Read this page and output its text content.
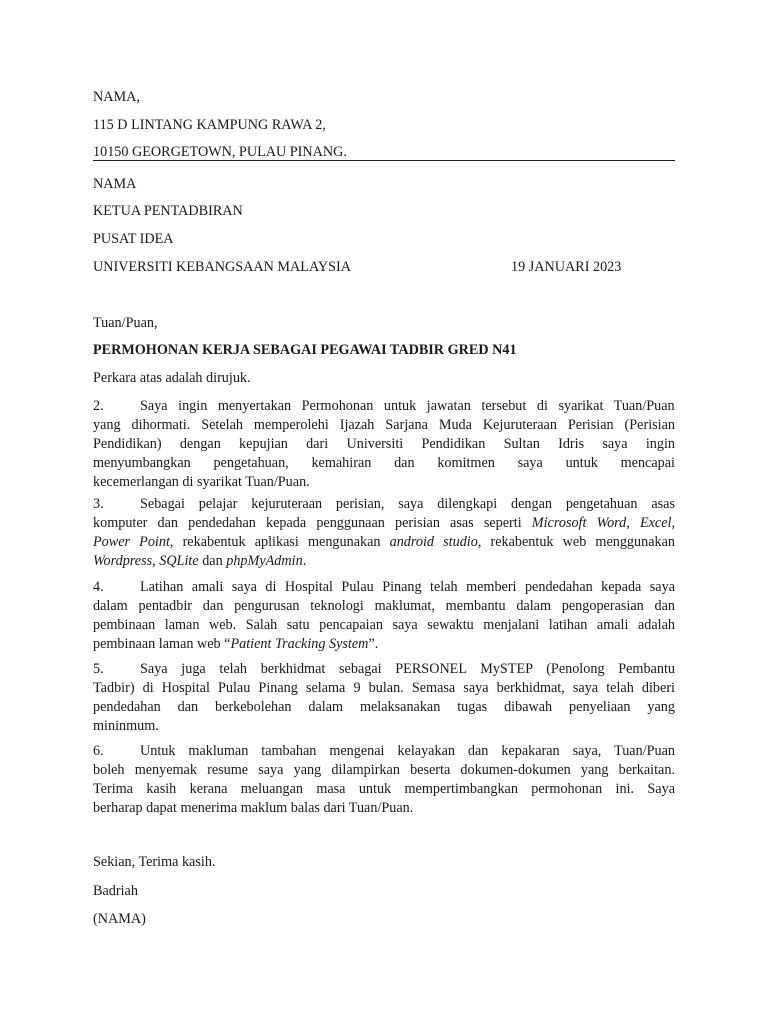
NAMA,
115 D LINTANG KAMPUNG RAWA 2,
10150 GEORGETOWN, PULAU PINANG.
NAMA
KETUA PENTADBIRAN
PUSAT IDEA
UNIVERSITI KEBANGSAAN MALAYSIA	19 JANUARI 2023
Tuan/Puan,
PERMOHONAN KERJA SEBAGAI PEGAWAI TADBIR GRED N41
Perkara atas adalah dirujuk.
2.	Saya ingin menyertakan Permohonan untuk jawatan tersebut di syarikat Tuan/Puan
yang dihormati. Setelah memperolehi Ijazah Sarjana Muda Kejuruteraan Perisian (Perisian
Pendidikan) dengan kepujian dari Universiti Pendidikan Sultan Idris saya ingin
menyumbangkan pengetahuan, kemahiran dan komitmen saya untuk mencapai
kecemerlangan di syarikat Tuan/Puan.
3.	Sebagai pelajar kejuruteraan perisian, saya dilengkapi dengan pengetahuan asas
komputer dan pendedahan kepada penggunaan perisian asas seperti Microsoft Word, Excel,
Power Point, rekabentuk aplikasi mengunakan android studio, rekabentuk web menggunakan
Wordpress, SQLite dan phpMyAdmin.
4.	Latihan amali saya di Hospital Pulau Pinang telah memberi pendedahan kepada saya
dalam pentadbir dan pengurusan teknologi maklumat, membantu dalam pengoperasian dan
pembinaan laman web. Salah satu pencapaian saya sewaktu menjalani latihan amali adalah
pembinaan laman web “Patient Tracking System”.
5.	Saya juga telah berkhidmat sebagai PERSONEL MySTEP (Penolong Pembantu
Tadbir) di Hospital Pulau Pinang selama 9 bulan. Semasa saya berkhidmat, saya telah diberi
pendedahan dan berkebolehan dalam melaksanakan tugas dibawah penyeliaan yang
mininmum.
6.	Untuk makluman tambahan mengenai kelayakan dan kepakaran saya, Tuan/Puan
boleh menyemak resume saya yang dilampirkan beserta dokumen-dokumen yang berkaitan.
Terima kasih kerana meluangan masa untuk mempertimbangkan permohonan ini. Saya
berharap dapat menerima maklum balas dari Tuan/Puan.
Sekian, Terima kasih.
Badriah
(NAMA)
